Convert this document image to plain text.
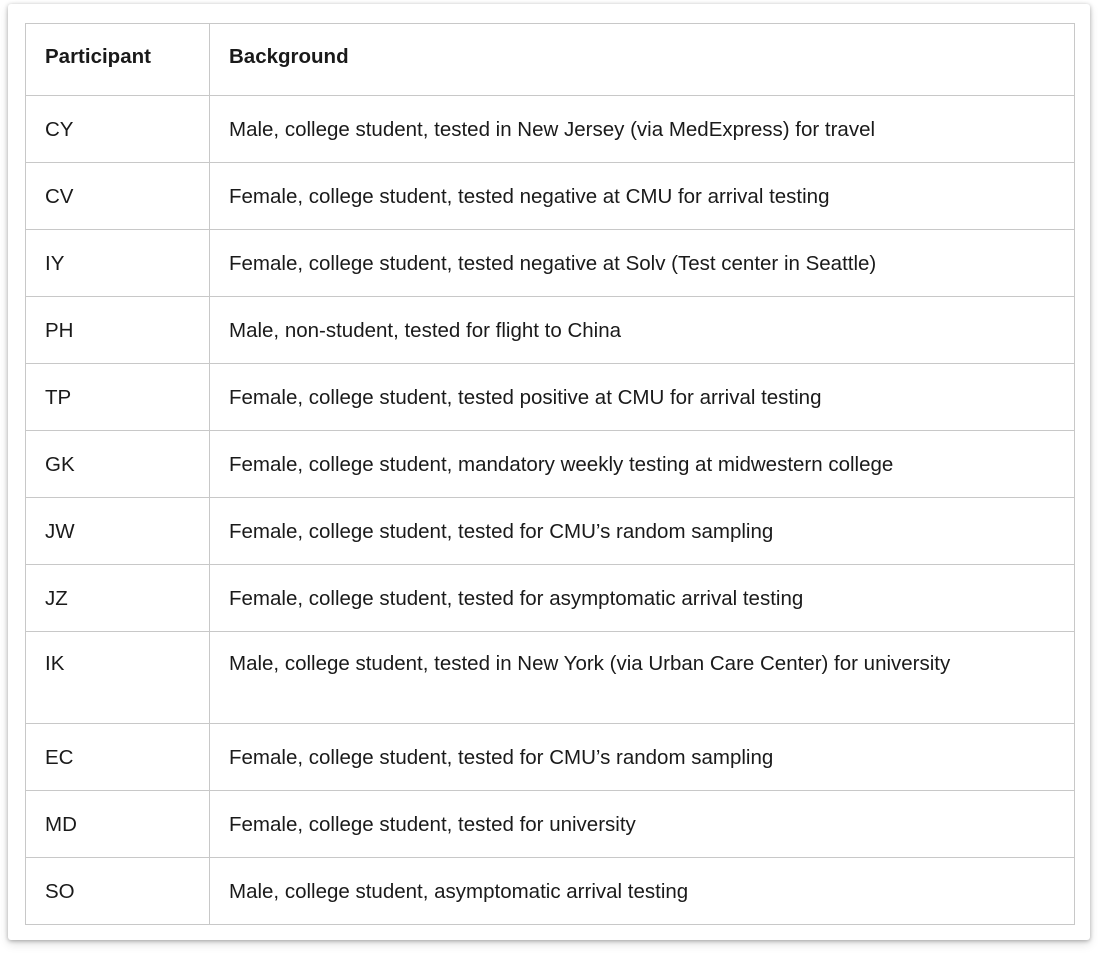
Participant	Background
CY	Male, college student, tested in New Jersey (via MedExpress) for travel
CV	Female, college student, tested negative at CMU for arrival testing
IY	Female, college student, tested negative at Solv (Test center in Seattle)
PH	Male, non-student, tested for flight to China
TP	Female, college student, tested positive at CMU for arrival testing
GK	Female, college student, mandatory weekly testing at midwestern college
JW	Female, college student, tested for CMU’s random sampling
JZ	Female, college student, tested for asymptomatic arrival testing
IK	Male, college student, tested in New York (via Urban Care Center) for university
EC	Female, college student, tested for CMU’s random sampling
MD	Female, college student, tested for university
SO	Male, college student, asymptomatic arrival testing
